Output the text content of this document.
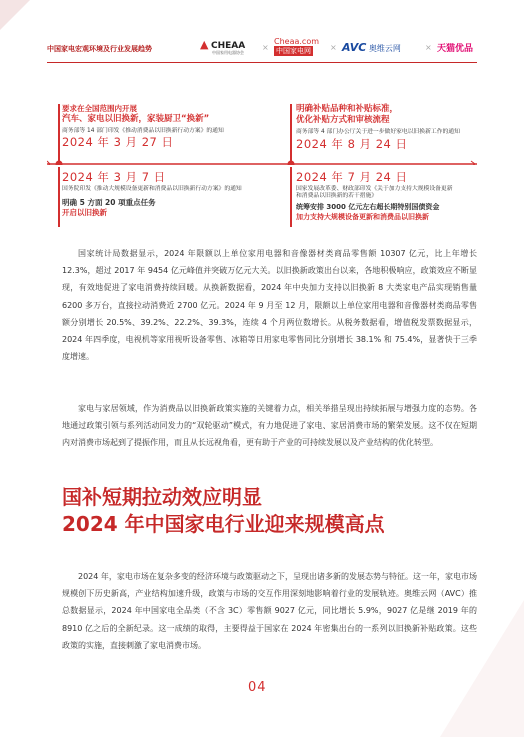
中国家电宏观环境及行业发展趋势	▲ CHEAA
中国家用电器协会
×
Cheaa.com
中国家电网 × AVC 奥维云网	× 天猫优品
要求在全国范围内开展
汽车、家电以旧换新，家装厨卫“换新”
商务部等 14 部门印发《推动消费品以旧换新行动方案》的通知
2024 年 3 月 27 日
明确补贴品种和补贴标准，
优化补贴方式和审核流程
商务部等 4 部门办公厅关于进一步做好家电以旧换新工作的通知
2024 年 8 月 24 日
2024 年 3 月 7 日
国务院印发《推动大规模设备更新和消费品以旧换新行动方案》的通知
明确 5 方面 20 项重点任务
开启以旧换新
2024 年 7 月 24 日
国家发展改革委、财政部印发《关于加力支持大规模设备更新
和消费品以旧换新的若干措施》
统筹安排 3000 亿元左右超长期特别国债资金
加力支持大规模设备更新和消费品以旧换新

国家统计局数据显示，2024 年限额以上单位家用电器和音像器材类商品零售额 10307 亿元，比上年增长 12.3%，超过 2017 年 9454 亿元峰值并突破万亿元大关。以旧换新政策出台以来，各地积极响应，政策效应不断显现，有效地促进了家电消费持续回暖。从换新数据看，2024 年中央加力支持以旧换新 8 大类家电产品实现销售量 6200 多万台，直接拉动消费近 2700 亿元。2024 年 9 月至 12 月，限额以上单位家用电器和音像器材类商品零售额分别增长 20.5%、39.2%、22.2%、39.3%，连续 4 个月两位数增长。从税务数据看，增值税发票数据显示，2024 年四季度，电视机等家用视听设备零售、冰箱等日用家电零售同比分别增长 38.1% 和 75.4%，显著快于三季度增速。

家电与家居领域，作为消费品以旧换新政策实施的关键着力点，相关举措呈现出持续拓展与增强力度的态势。各地通过政策引领与系列活动同发力的“双轮驱动”模式，有力地促进了家电、家居消费市场的繁荣发展。这不仅在短期内对消费市场起到了提振作用，而且从长远视角看，更有助于产业的可持续发展以及产业结构的优化转型。

国补短期拉动效应明显
2024 年中国家电行业迎来规模高点

2024 年，家电市场在复杂多变的经济环境与政策驱动之下，呈现出诸多新的发展态势与特征。这一年，家电市场规模创下历史新高，产业结构加速升级，政策与市场的交互作用深刻地影响着行业的发展轨迹。奥维云网（AVC）推总数据显示，2024 年中国家电全品类（不含 3C）零售额 9027 亿元，同比增长 5.9%，9027 亿是继 2019 年的 8910 亿之后的全新纪录。这一成绩的取得，主要得益于国家在 2024 年密集出台的一系列以旧换新补贴政策。这些政策的实施，直接刺激了家电消费市场。

04
